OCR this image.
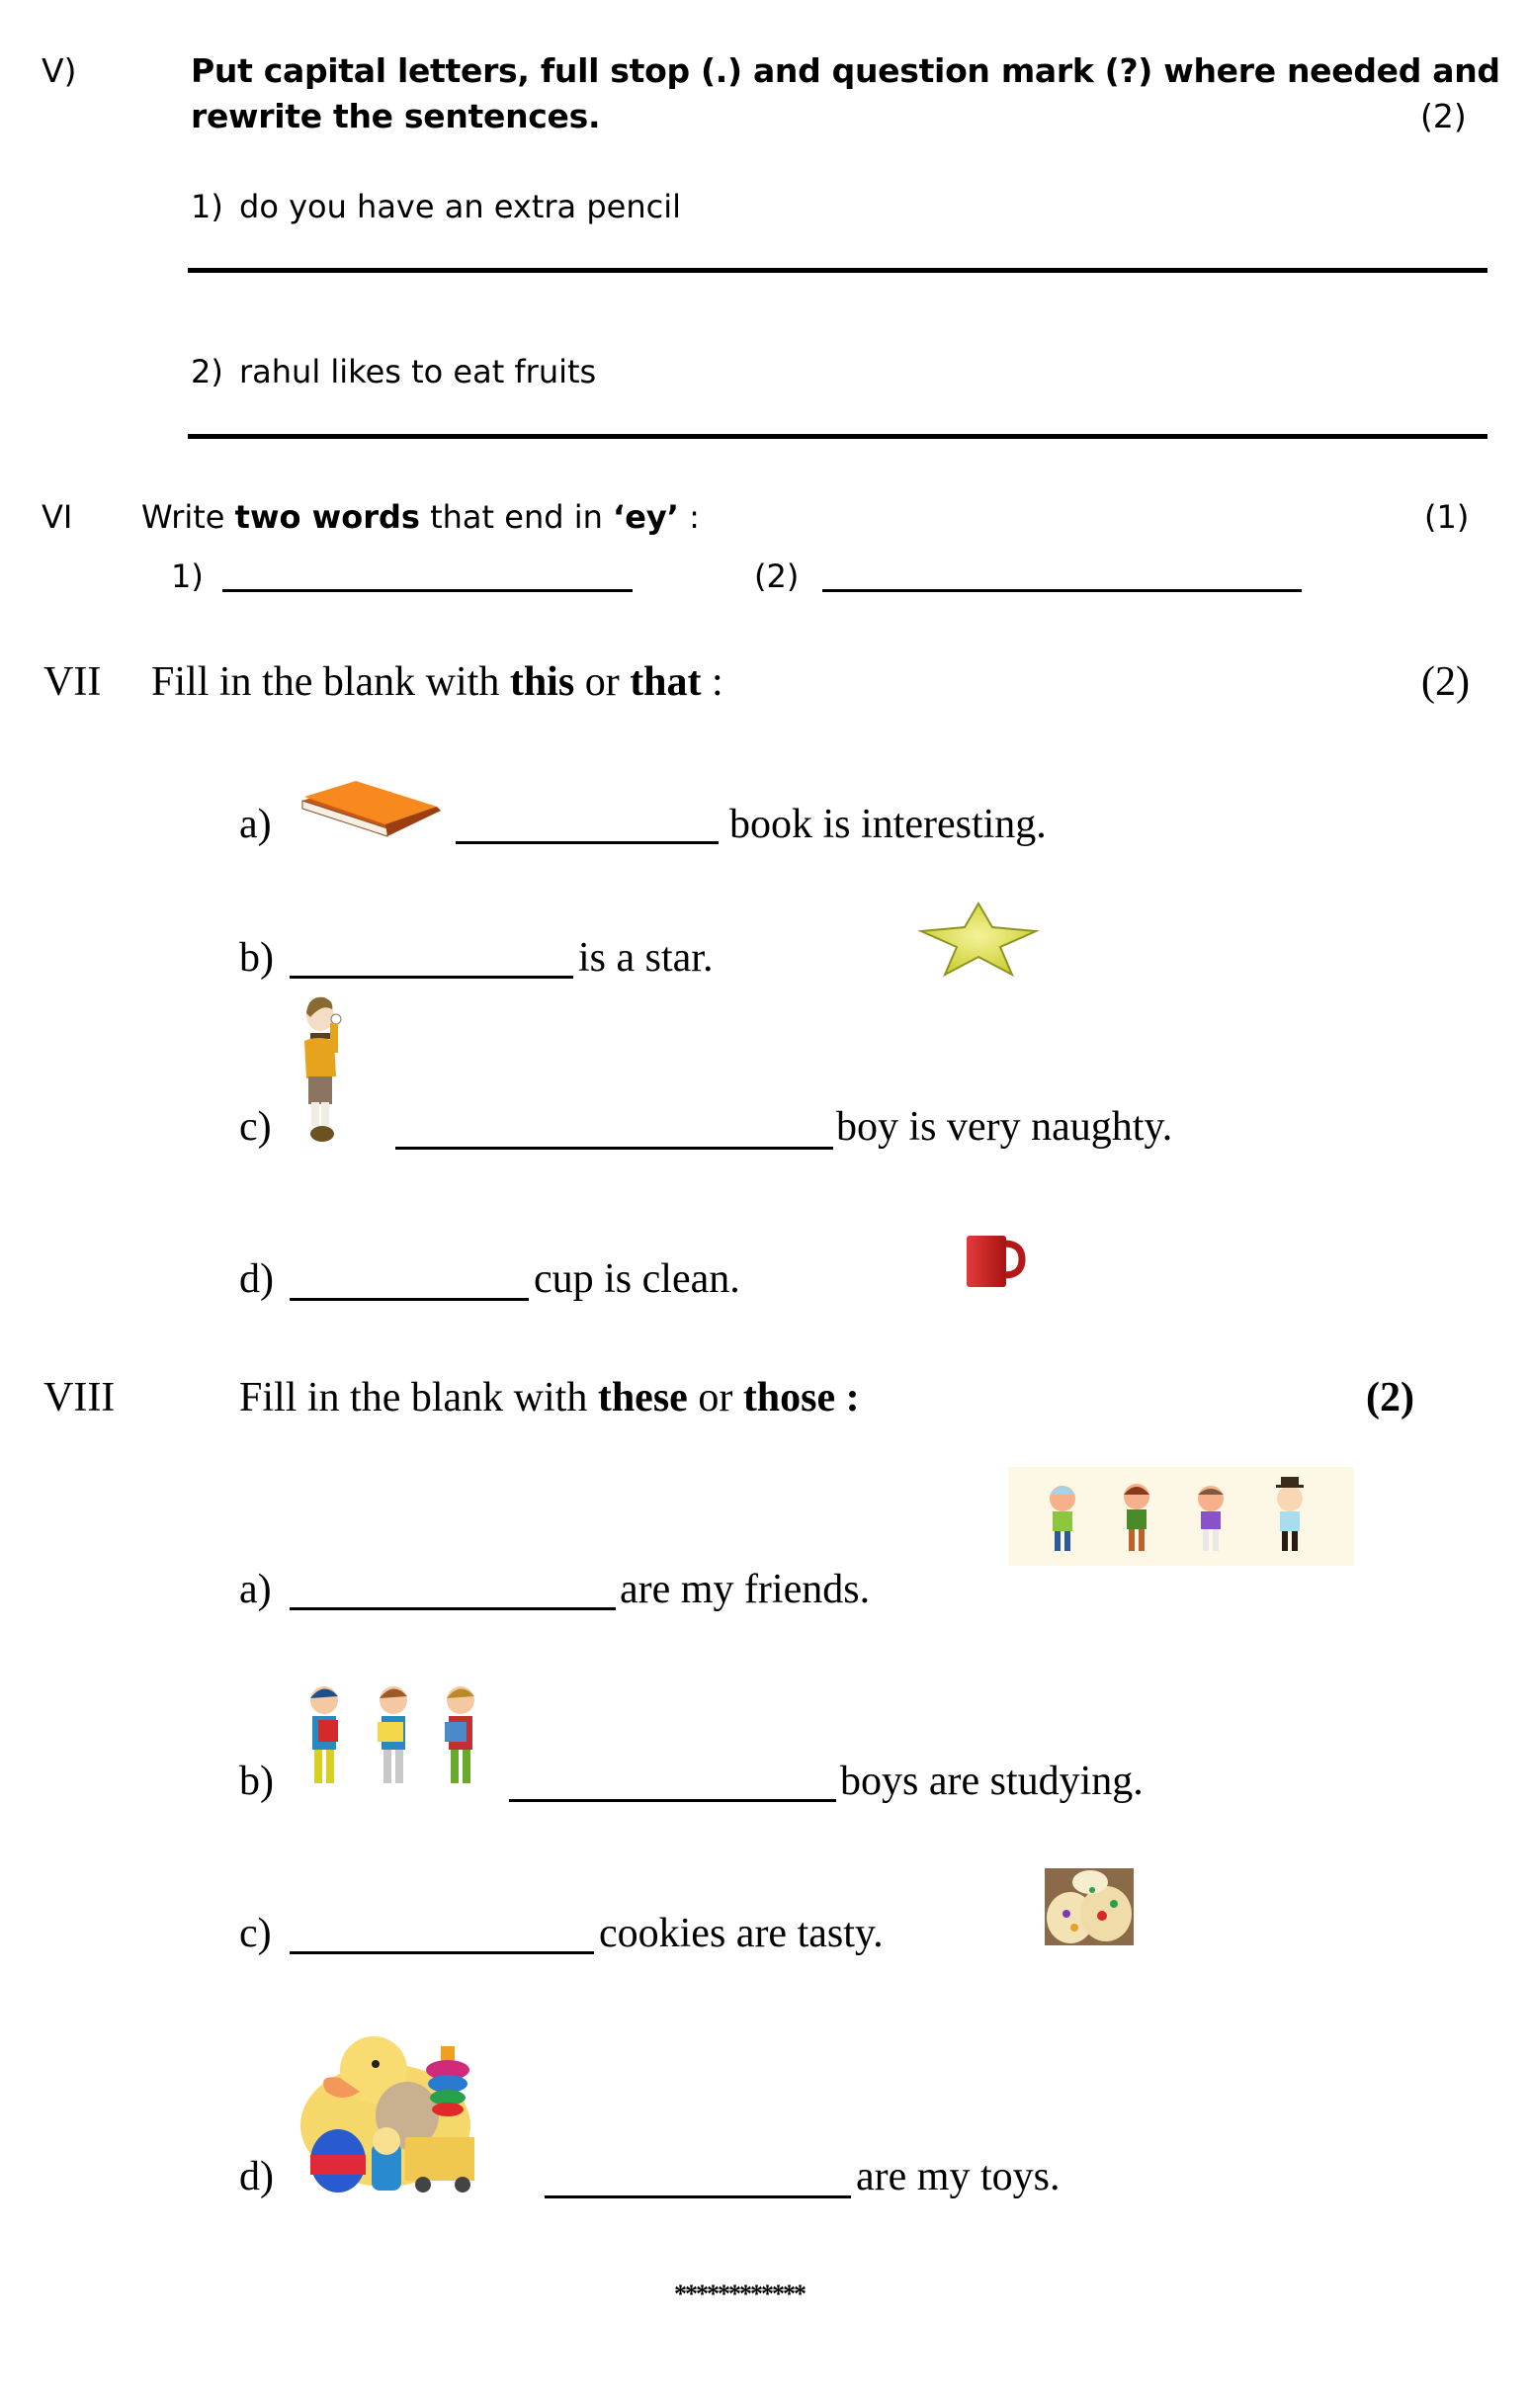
V)	Put capital letters, full stop (.) and question mark (?) where needed and
rewrite the sentences.	(2)
1) do you have an extra pencil
2) rahul likes to eat fruits
VI Write two words that end in ‘ey’ :	(1)
1)	(2)
VII Fill in the blank with this or that :	(2)
a)	book is interesting.
b)	is a star.
c)	boy is very naughty.
d)	cup is clean.
VIII	Fill in the blank with these or those :	(2)
a)	are my friends.
b)	boys are studying.
c)	cookies are tasty.
d)	are my toys.
************
